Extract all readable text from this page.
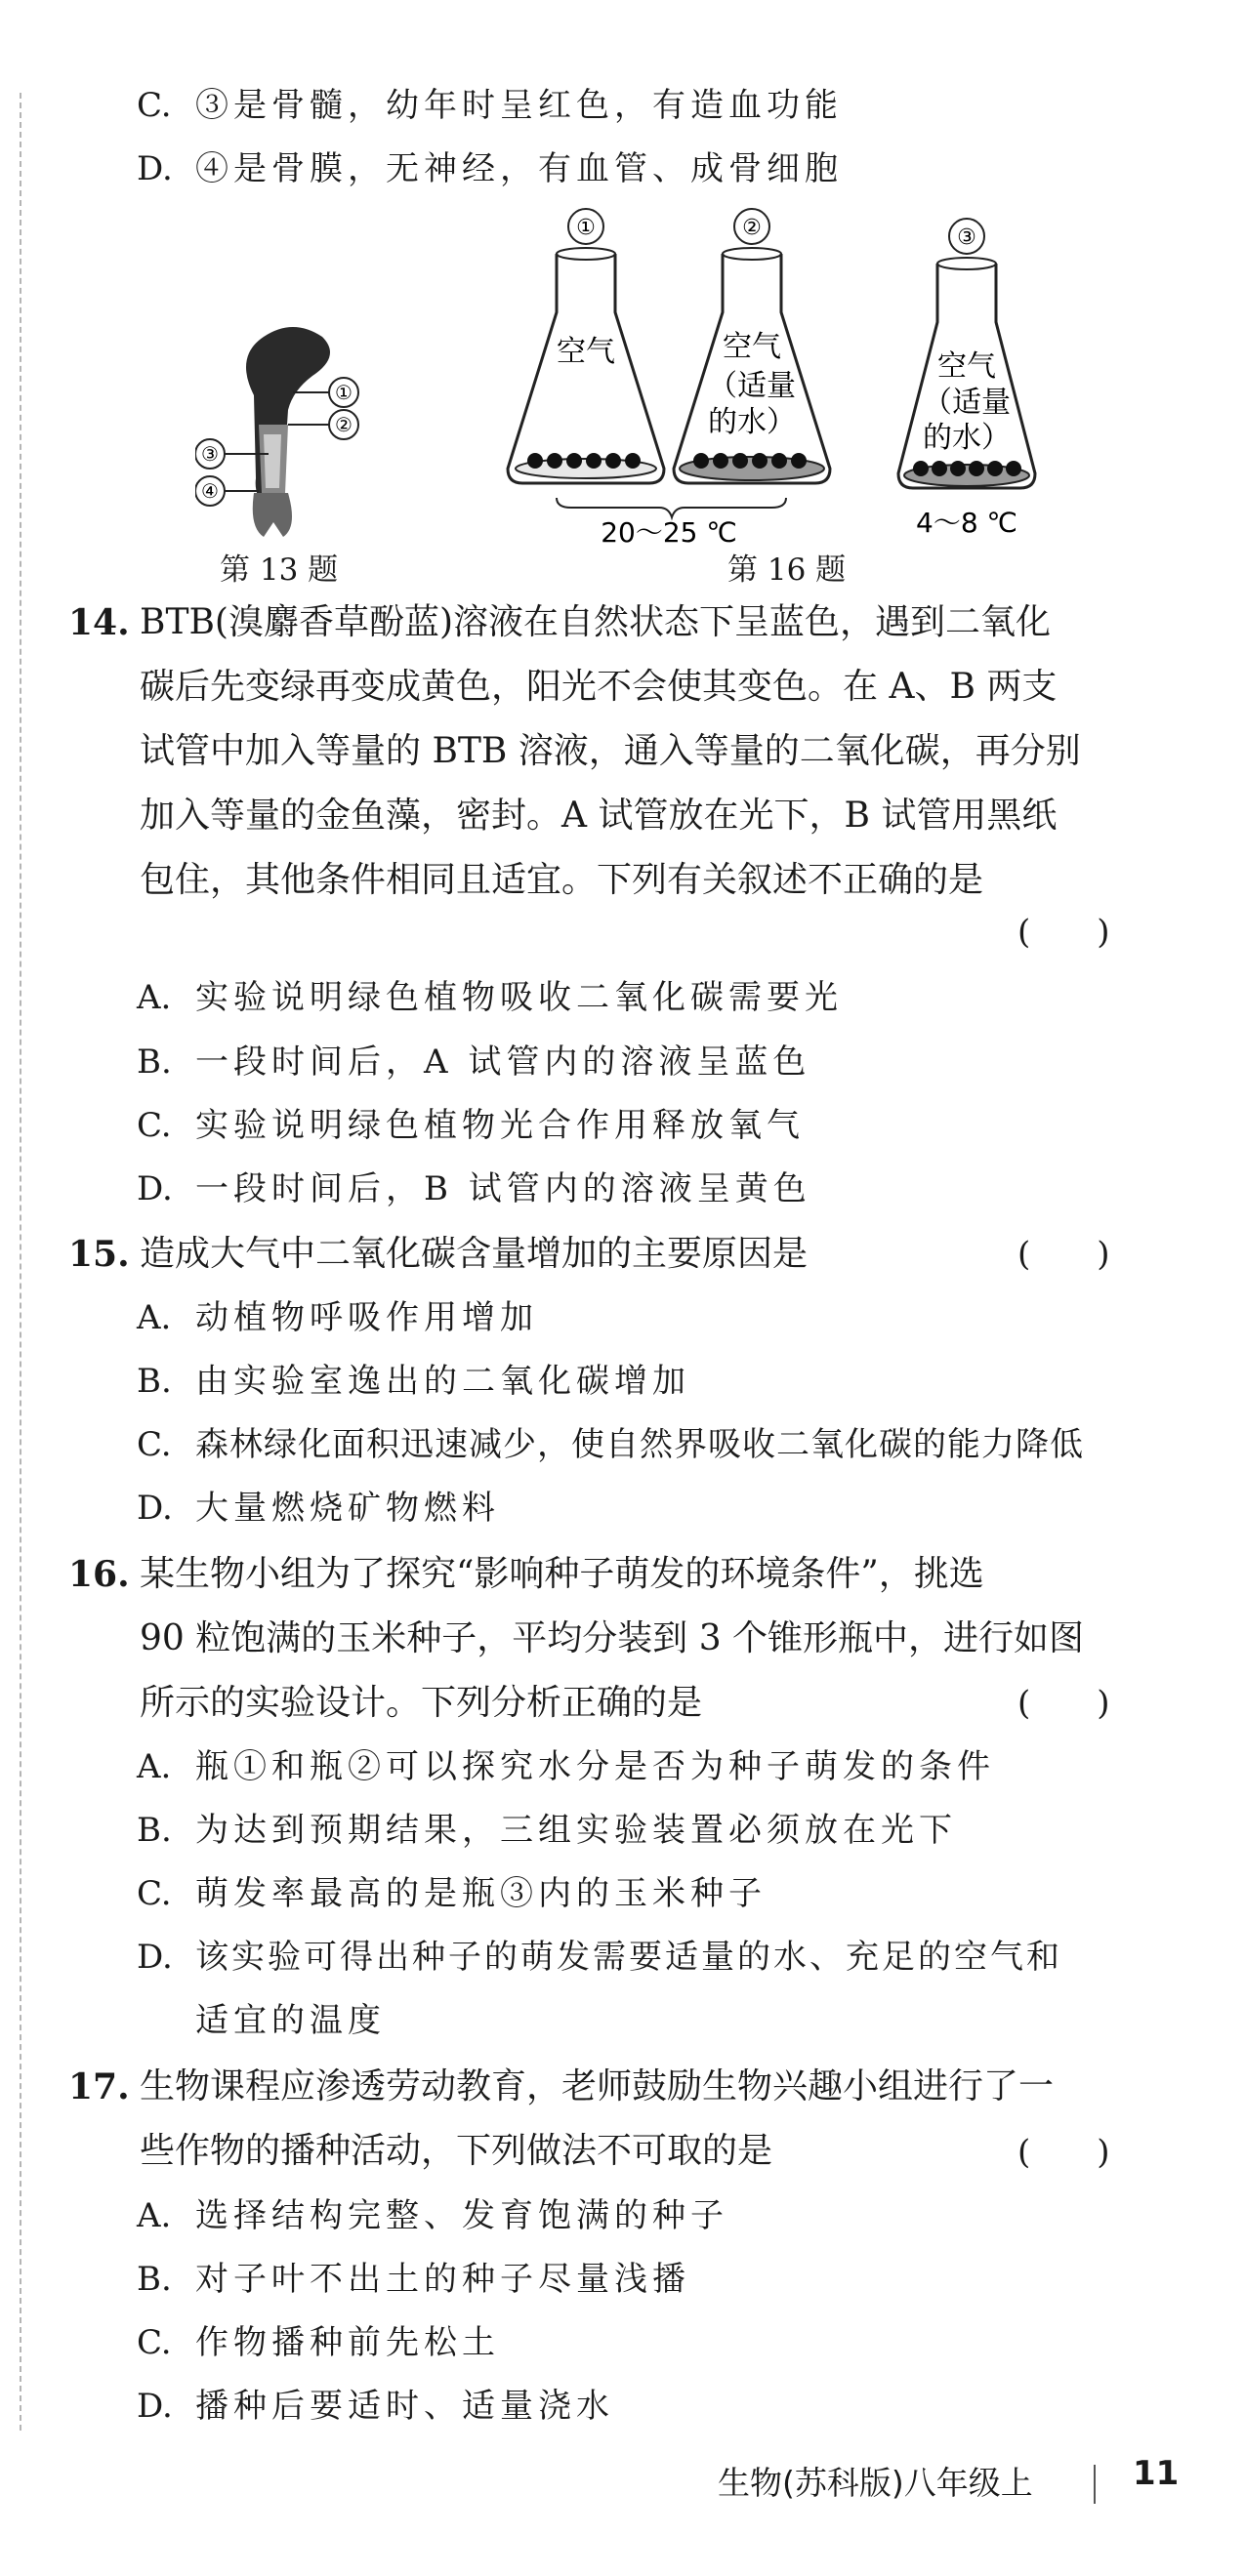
C. ③是骨髓，幼年时呈红色，有造血功能
D. ④是骨膜，无神经，有血管、成骨细胞
①
②
③
④
第 13 题
①
空气
②
空气
（适量
的水）
③
空气
（适量
的水）
20～25 ℃	4～8 ℃
第 16 题
14. BTB(溴麝香草酚蓝)溶液在自然状态下呈蓝色，遇到二氧化
碳后先变绿再变成黄色，阳光不会使其变色。在 A、B 两支
试管中加入等量的 BTB 溶液，通入等量的二氧化碳，再分别
加入等量的金鱼藻，密封。A 试管放在光下，B 试管用黑纸
包住，其他条件相同且适宜。下列有关叙述不正确的是
(　　)
A. 实验说明绿色植物吸收二氧化碳需要光
B. 一段时间后，A 试管内的溶液呈蓝色
C. 实验说明绿色植物光合作用释放氧气
D. 一段时间后，B 试管内的溶液呈黄色
15. 造成大气中二氧化碳含量增加的主要原因是	(　　)
A. 动植物呼吸作用增加
B. 由实验室逸出的二氧化碳增加
C. 森林绿化面积迅速减少，使自然界吸收二氧化碳的能力降低
D. 大量燃烧矿物燃料
16. 某生物小组为了探究“影响种子萌发的环境条件”，挑选
90 粒饱满的玉米种子，平均分装到 3 个锥形瓶中，进行如图
所示的实验设计。下列分析正确的是	(　　)
A. 瓶①和瓶②可以探究水分是否为种子萌发的条件
B. 为达到预期结果，三组实验装置必须放在光下
C. 萌发率最高的是瓶③内的玉米种子
D. 该实验可得出种子的萌发需要适量的水、充足的空气和
适宜的温度
17. 生物课程应渗透劳动教育，老师鼓励生物兴趣小组进行了一
些作物的播种活动，下列做法不可取的是	(　　)
A. 选择结构完整、发育饱满的种子
B. 对子叶不出土的种子尽量浅播
C. 作物播种前先松土
D. 播种后要适时、适量浇水
生物(苏科版)八年级上	11
